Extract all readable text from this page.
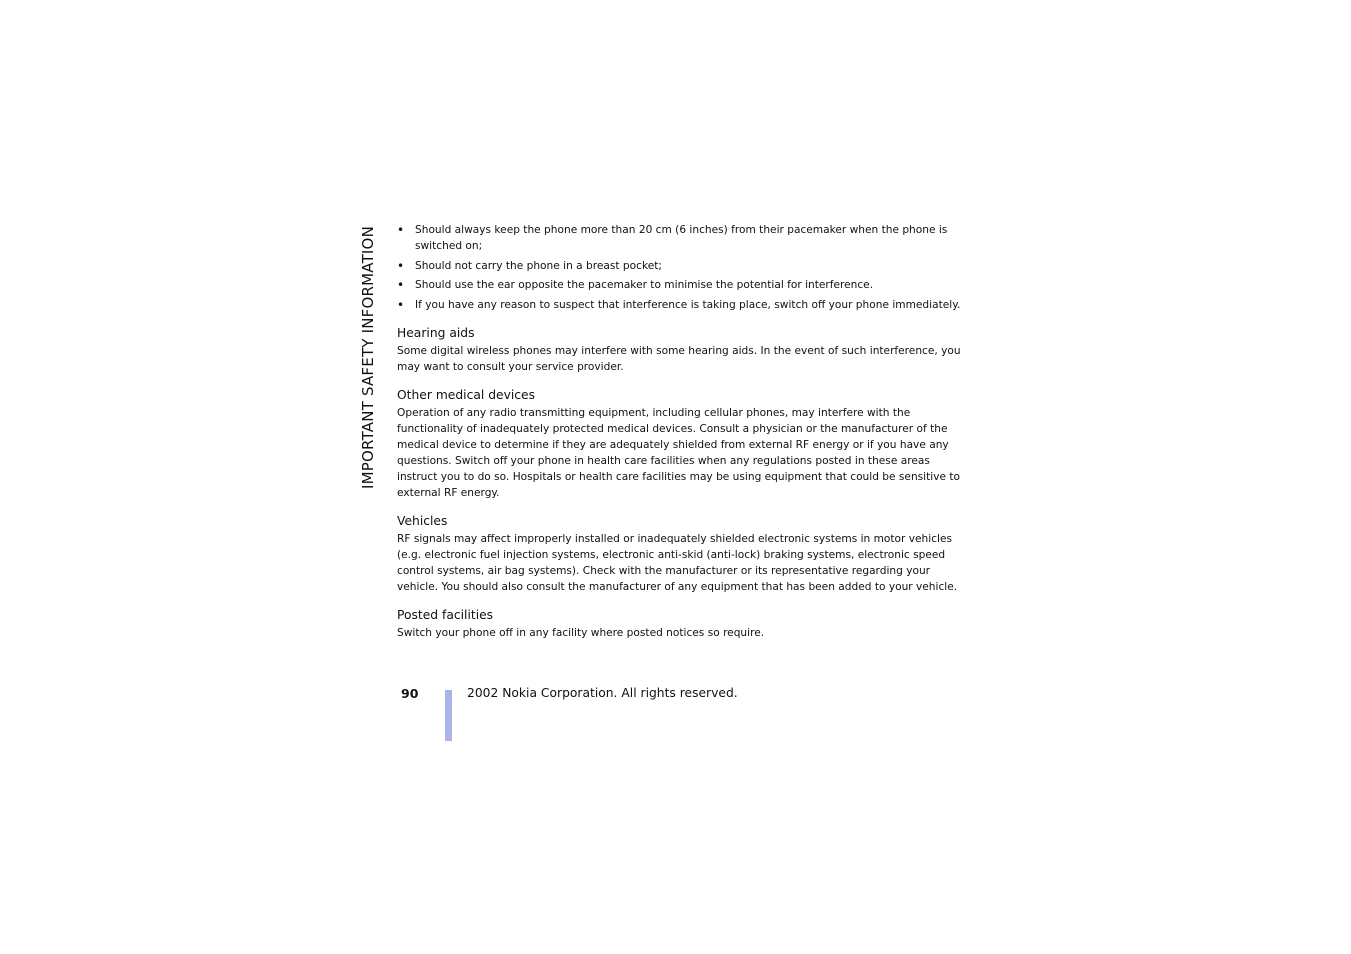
IMPORTANT SAFETY INFORMATION • Should always keep the phone more than 20 cm (6 inches) from their pacemaker when the phone is switched on;
• Should not carry the phone in a breast pocket;
• Should use the ear opposite the pacemaker to minimise the potential for interference.
• If you have any reason to suspect that interference is taking place, switch off your phone immediately.
Hearing aids

Some digital wireless phones may interfere with some hearing aids. In the event of such interference, you may want to consult your service provider.

Other medical devices

Operation of any radio transmitting equipment, including cellular phones, may interfere with the functionality of inadequately protected medical devices. Consult a physician or the manufacturer of the medical device to determine if they are adequately shielded from external RF energy or if you have any questions. Switch off your phone in health care facilities when any regulations posted in these areas instruct you to do so. Hospitals or health care facilities may be using equipment that could be sensitive to external RF energy.

Vehicles

RF signals may affect improperly installed or inadequately shielded electronic systems in motor vehicles (e.g. electronic fuel injection systems, electronic anti-skid (anti-lock) braking systems, electronic speed control systems, air bag systems). Check with the manufacturer or its representative regarding your vehicle. You should also consult the manufacturer of any equipment that has been added to your vehicle.

Posted facilities

Switch your phone off in any facility where posted notices so require.

90	2002 Nokia Corporation. All rights reserved.
